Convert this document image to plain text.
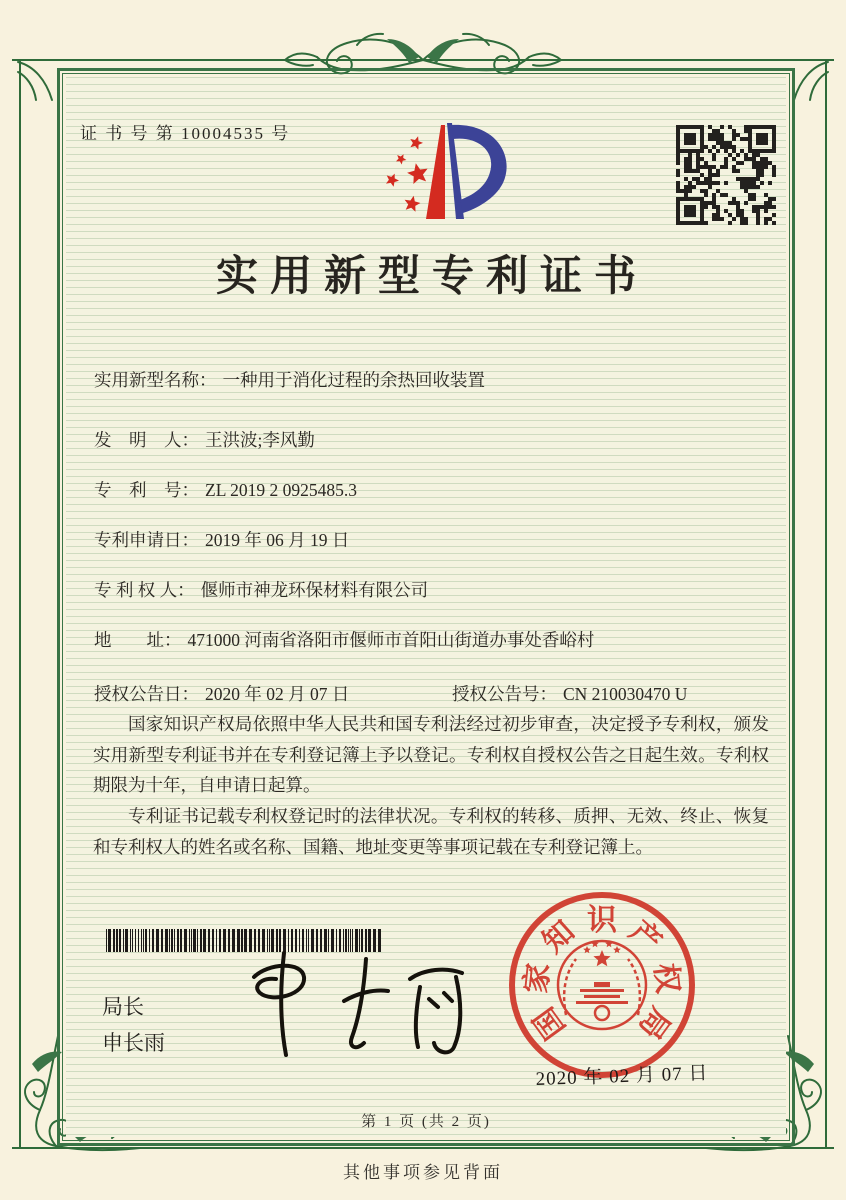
证 书 号 第 10004535 号
实用新型专利证书
实用新型名称： 一种用于消化过程的余热回收装置
发　明　人： 王洪波;李风勤
专　利　号： ZL 2019 2 0925485.3
专利申请日： 2019 年 06 月 19 日
专 利 权 人： 偃师市神龙环保材料有限公司
地　　址： 471000 河南省洛阳市偃师市首阳山街道办事处香峪村
授权公告日： 2020 年 02 月 07 日	授权公告号： CN 210030470 U

国家知识产权局依照中华人民共和国专利法经过初步审查，决定授予专利权，颁发实用新型专利证书并在专利登记簿上予以登记。专利权自授权公告之日起生效。专利权期限为十年，自申请日起算。

专利证书记载专利权登记时的法律状况。专利权的转移、质押、无效、终止、恢复和专利权人的姓名或名称、国籍、地址变更等事项记载在专利登记簿上。

局长
申长雨	国
家
知 识 产
权
局
2020 年 02 月 07 日
第 1 页 (共 2 页)
其他事项参见背面
